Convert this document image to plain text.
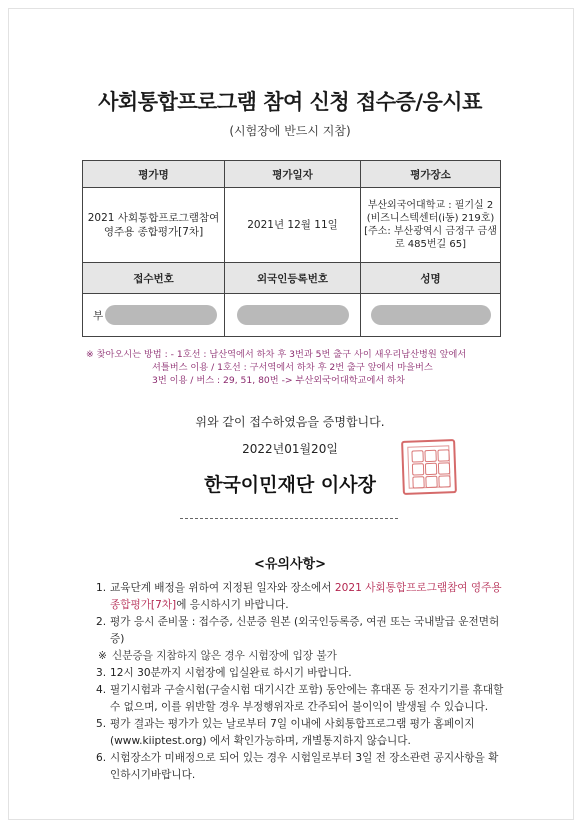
사회통합프로그램 참여 신청 접수증/응시표
(시험장에 반드시 지참)
평가명	평가일자	평가장소
2021 사회통합프로그램참여 영주용 종합평가[7차]	2021년 12월 11일	부산외국어대학교 : 필기실 2 (비즈니스텍센터(i동) 219호) [주소: 부산광역시 금정구 금샘로 485번길 65]
접수번호	외국인등록번호	성명
부		
※ 찾아오시는 방법 : - 1호선 : 남산역에서 하차 후 3번과 5번 출구 사이 새우리남산병원 앞에서
셔틀버스 이용 / 1호선 : 구서역에서 하차 후 2번 출구 앞에서 마을버스
3번 이용 / 버스 : 29, 51, 80번 -> 부산외국어대학교에서 하차
위와 같이 접수하였음을 증명합니다.
2022년01월20일
한국이민재단 이사장
<유의사항>
1. 교육단계 배정을 위하여 지정된 일자와 장소에서 2021 사회통합프로그램참여 영주용 종합평가[7차]에 응시하시기 바랍니다.
2. 평가 응시 준비물 : 접수증, 신분증 원본 (외국인등록증, 여권 또는 국내발급 운전면허증)
※ 신분증을 지참하지 않은 경우 시험장에 입장 불가
3. 12시 30분까지 시험장에 입실완료 하시기 바랍니다.
4. 필기시험과 구술시험(구술시험 대기시간 포함) 동안에는 휴대폰 등 전자기기를 휴대할 수 없으며, 이를 위반할 경우 부정행위자로 간주되어 불이익이 발생될 수 있습니다.
5. 평가 결과는 평가가 있는 날로부터 7일 이내에 사회통합프로그램 평가 홈페이지 (www.kiiptest.org) 에서 확인가능하며, 개별통지하지 않습니다.
6. 시험장소가 미배정으로 되어 있는 경우 시험일로부터 3일 전 장소관련 공지사항을 확인하시기바랍니다.
